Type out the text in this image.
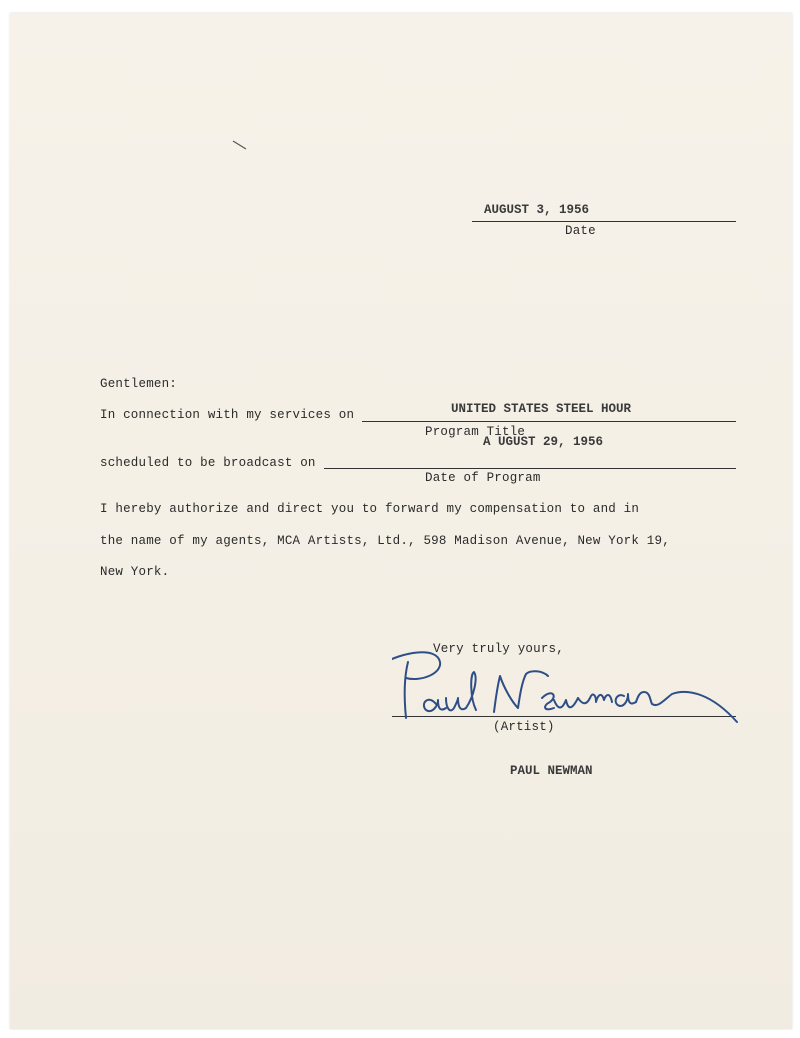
AUGUST 3, 1956
Date
Gentlemen:
In connection with my services on	UNITED STATES STEEL HOUR
Program Title
A UGUST 29, 1956
scheduled to be broadcast on
Date of Program
I hereby authorize and direct you to forward my compensation to and in
the name of my agents, MCA Artists, Ltd., 598 Madison Avenue, New York 19,
New York.
Very truly yours,
(Artist)
PAUL NEWMAN
